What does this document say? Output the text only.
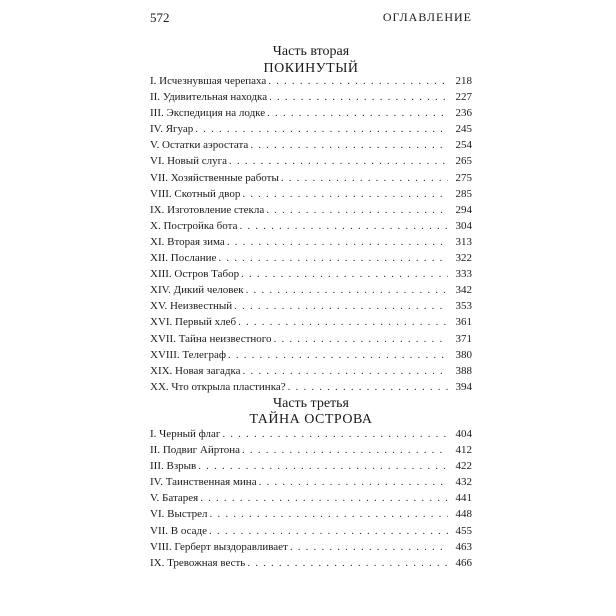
572	ОГЛАВЛЕНИЕ
Часть вторая
ПОКИНУТЫЙ
I. Исчезнувшая черепаха . . .	218
II. Удивительная находка . . .	227
III. Экспедиция на лодке . . .	236
IV. Ягуар . . .	245
V. Остатки аэростата . . .	254
VI. Новый слуга . . .	265
VII. Хозяйственные работы . . .	275
VIII. Скотный двор . . .	285
IX. Изготовление стекла . . .	294
X. Постройка бота . . .	304
XI. Вторая зима . . .	313
XII. Послание . . .	322
XIII. Остров Табор . . .	333
XIV. Дикий человек . . .	342
XV. Неизвестный . . .	353
XVI. Первый хлеб . . .	361
XVII. Тайна неизвестного . . .	371
XVIII. Телеграф . . .	380
XIX. Новая загадка . . .	388
XX. Что открыла пластинка? . . .	394
Часть третья
ТАЙНА ОСТРОВА
I. Черный флаг . . .	404
II. Подвиг Айртона . . .	412
III. Взрыв . . .	422
IV. Таинственная мина . . .	432
V. Батарея . . .	441
VI. Выстрел . . .	448
VII. В осаде . . .	455
VIII. Герберт выздоравливает . . .	463
IX. Тревожная весть . . .	466
